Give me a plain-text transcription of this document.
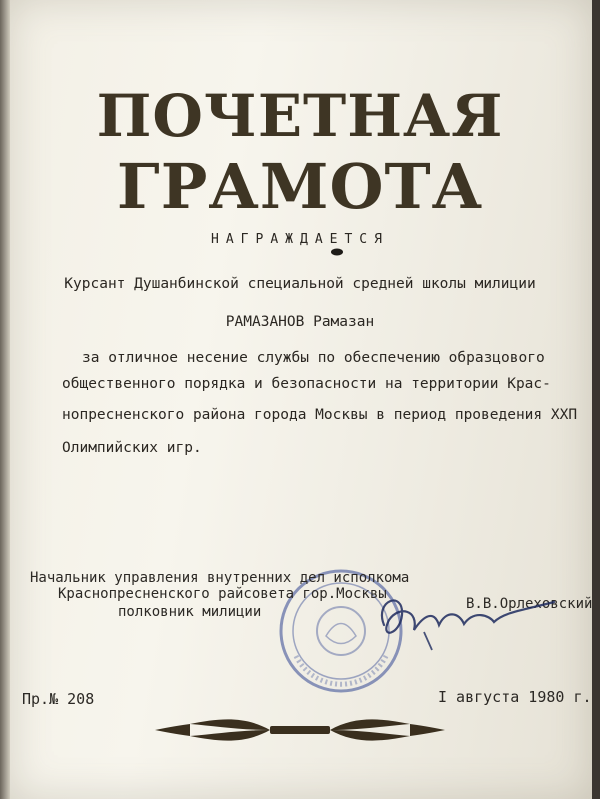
ПОЧЕТНАЯ
ГРАМОТА
НАГРАЖДАЕТСЯ
Курсант Душанбинской специальной средней школы милиции
РАМАЗАНОВ Рамазан
за отличное несение службы по обеспечению образцового
общественного порядка и безопасности на территории Крас-
нопресненского района города Москвы в период проведения ХХП
Олимпийских игр.
Начальник управления внутренних дел исполкома
Краснопресненского райсовета гор.Москвы
полковник милиции	В.В.Орлеховский
Пр.№ 208	I августа 1980 г.
